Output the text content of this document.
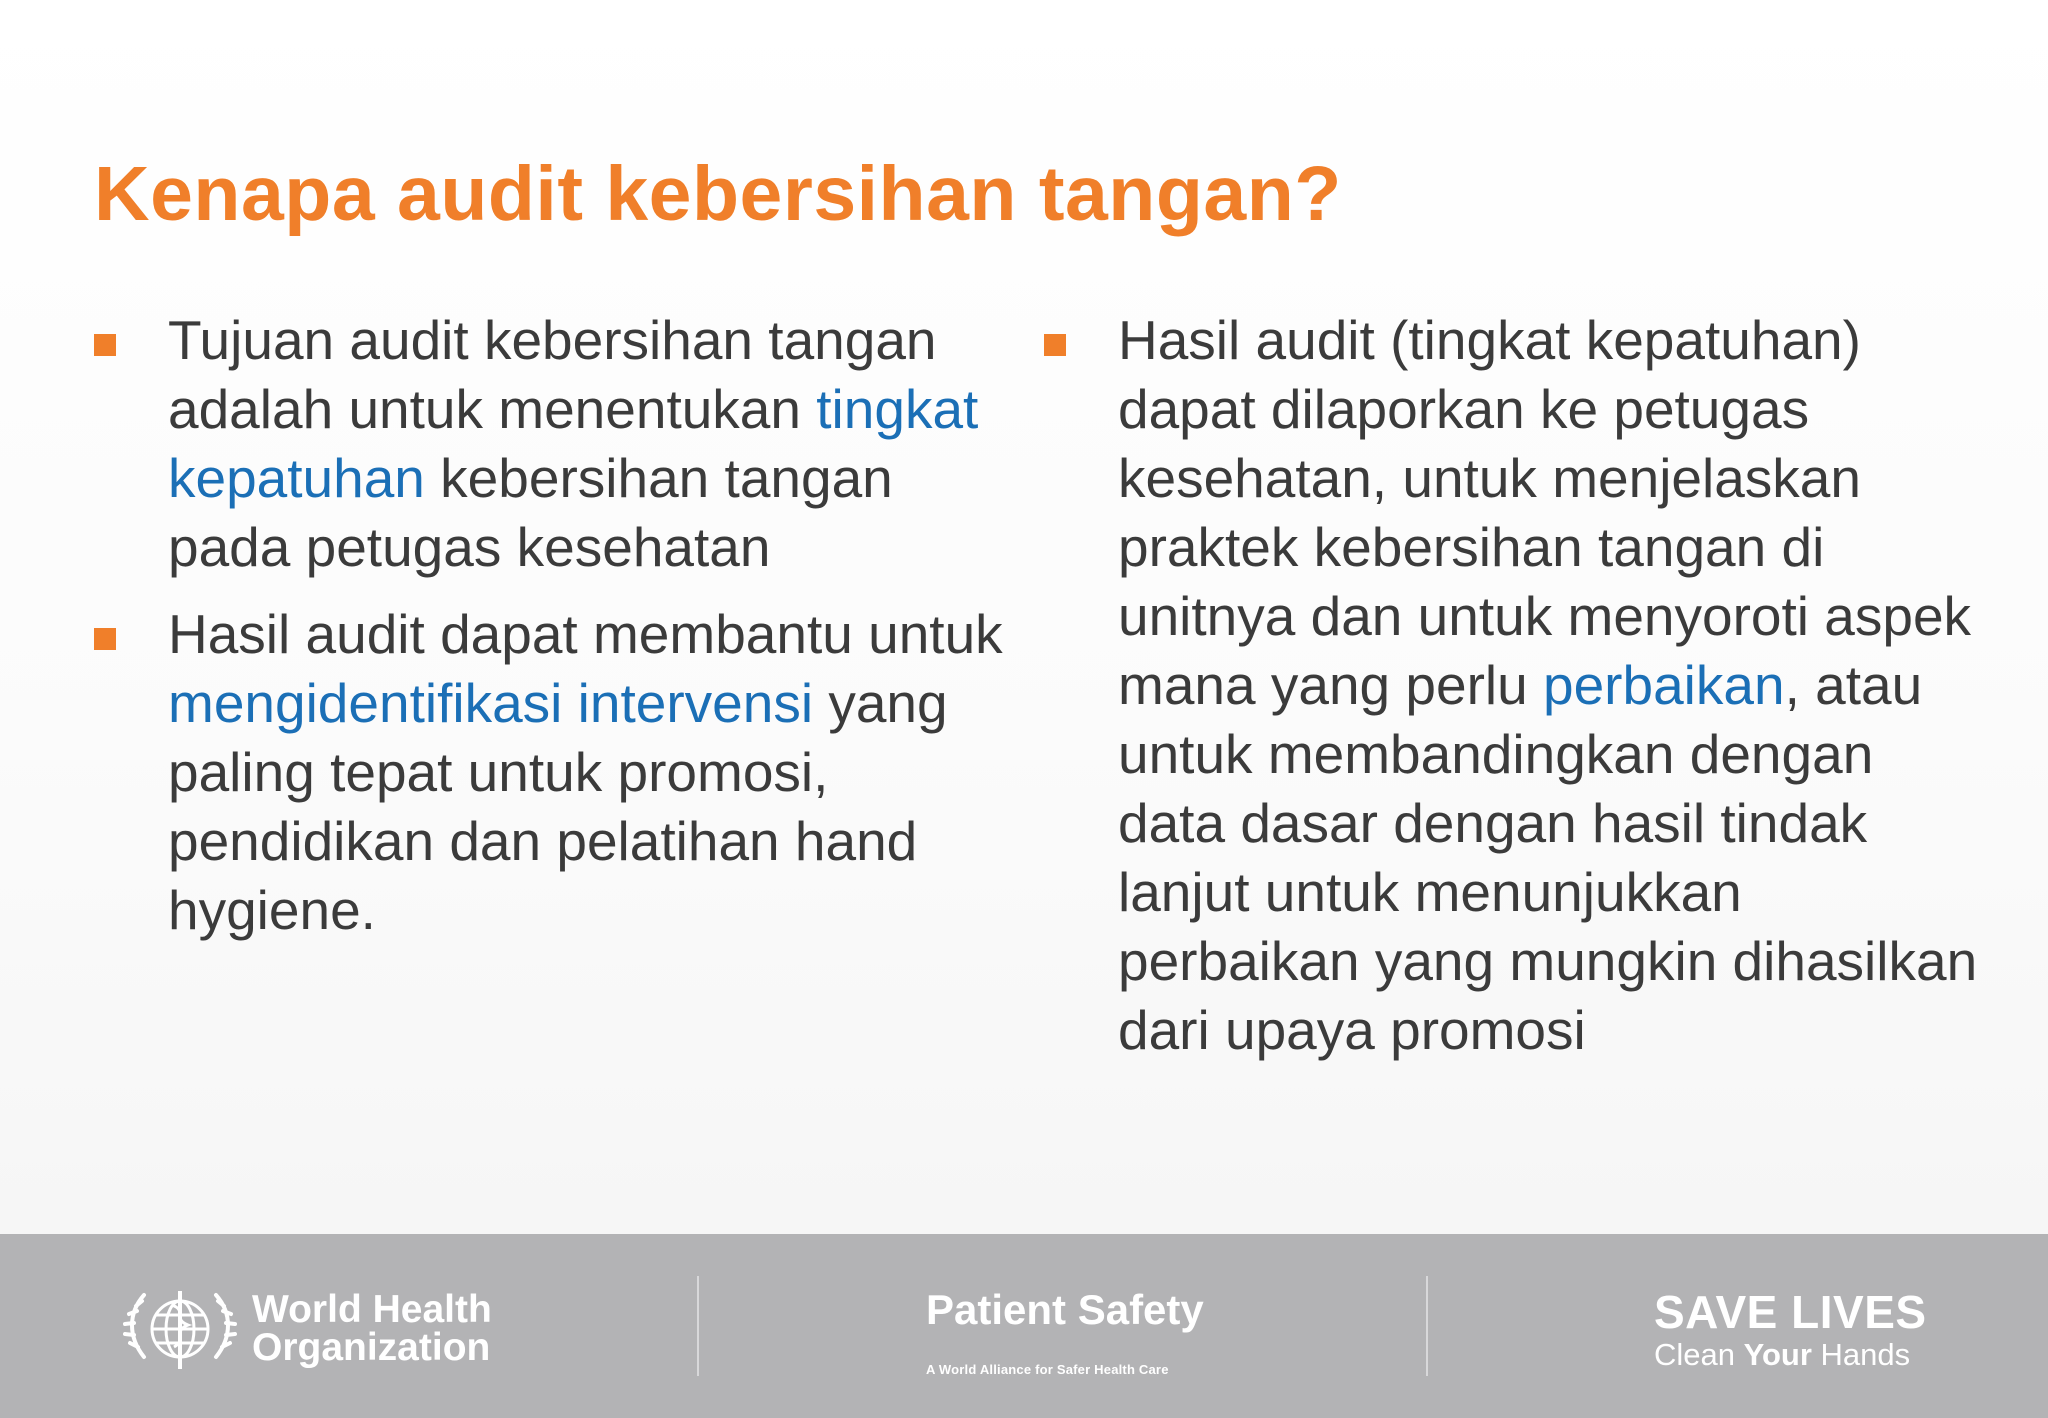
Kenapa audit kebersihan tangan?
Tujuan audit kebersihan tangan adalah untuk menentukan tingkat kepatuhan kebersihan tangan pada petugas kesehatan
Hasil audit dapat membantu untuk mengidentifikasi intervensi yang paling tepat untuk promosi, pendidikan dan pelatihan hand hygiene.
Hasil audit (tingkat kepatuhan) dapat dilaporkan ke petugas kesehatan, untuk menjelaskan praktek kebersihan tangan di unitnya dan untuk menyoroti aspek mana yang perlu perbaikan, atau untuk membandingkan dengan data dasar dengan hasil tindak lanjut untuk menunjukkan perbaikan yang mungkin dihasilkan dari upaya promosi
World Health
Organization
Patient Safety
A World Alliance for Safer Health Care
SAVE LIVES
Clean Your Hands
